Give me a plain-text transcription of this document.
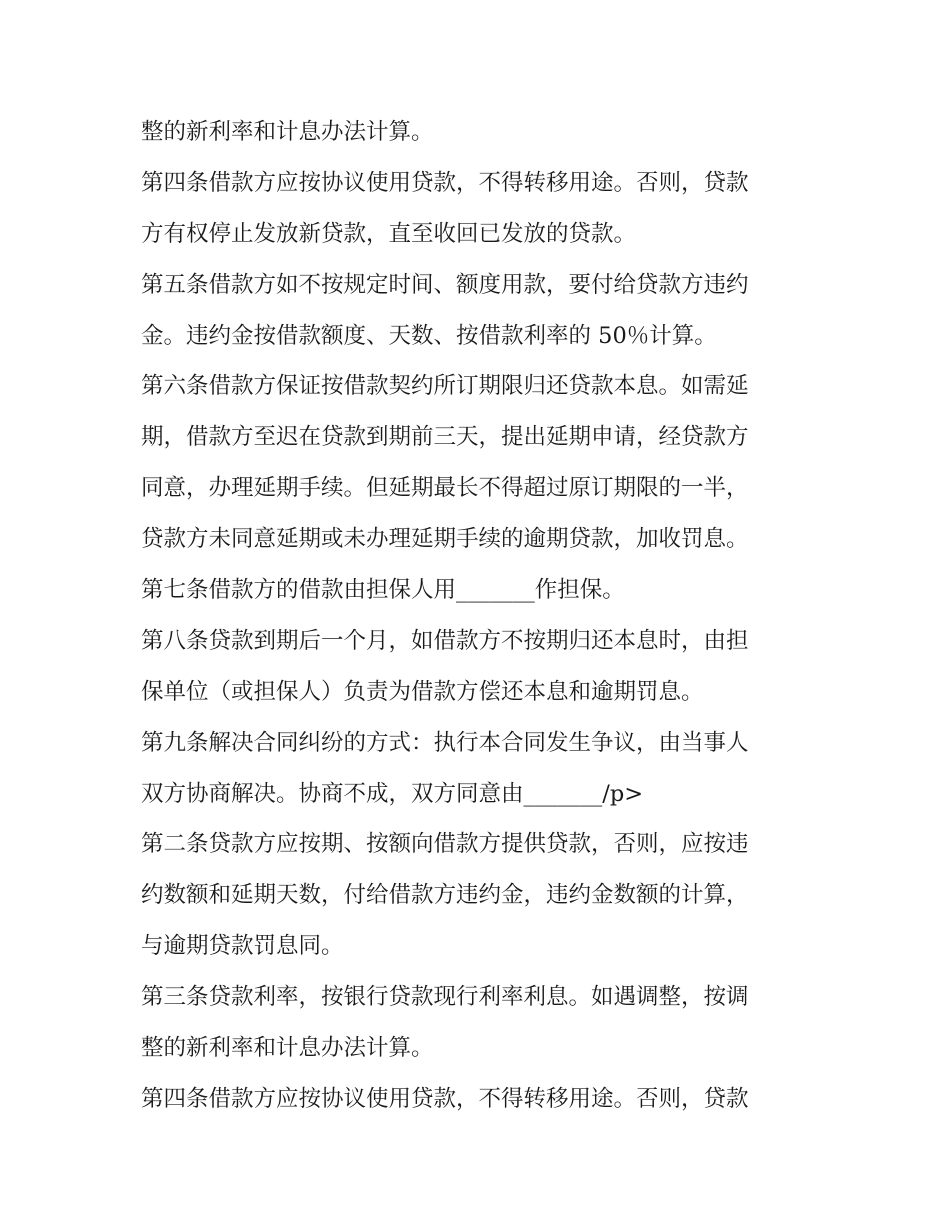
整的新利率和计息办法计算。
第四条借款方应按协议使用贷款，不得转移用途。否则，贷款
方有权停止发放新贷款，直至收回已发放的贷款。
第五条借款方如不按规定时间、额度用款，要付给贷款方违约
金。违约金按借款额度、天数、按借款利率的 50％计算。
第六条借款方保证按借款契约所订期限归还贷款本息。如需延
期，借款方至迟在贷款到期前三天，提出延期申请，经贷款方
同意，办理延期手续。但延期最长不得超过原订期限的一半，
贷款方未同意延期或未办理延期手续的逾期贷款，加收罚息。
第七条借款方的借款由担保人用_______作担保。
第八条贷款到期后一个月，如借款方不按期归还本息时，由担
保单位（或担保人）负责为借款方偿还本息和逾期罚息。
第九条解决合同纠纷的方式：执行本合同发生争议，由当事人
双方协商解决。协商不成，双方同意由_______/p>
第二条贷款方应按期、按额向借款方提供贷款，否则，应按违
约数额和延期天数，付给借款方违约金，违约金数额的计算，
与逾期贷款罚息同。
第三条贷款利率，按银行贷款现行利率利息。如遇调整，按调
整的新利率和计息办法计算。
第四条借款方应按协议使用贷款，不得转移用途。否则，贷款
